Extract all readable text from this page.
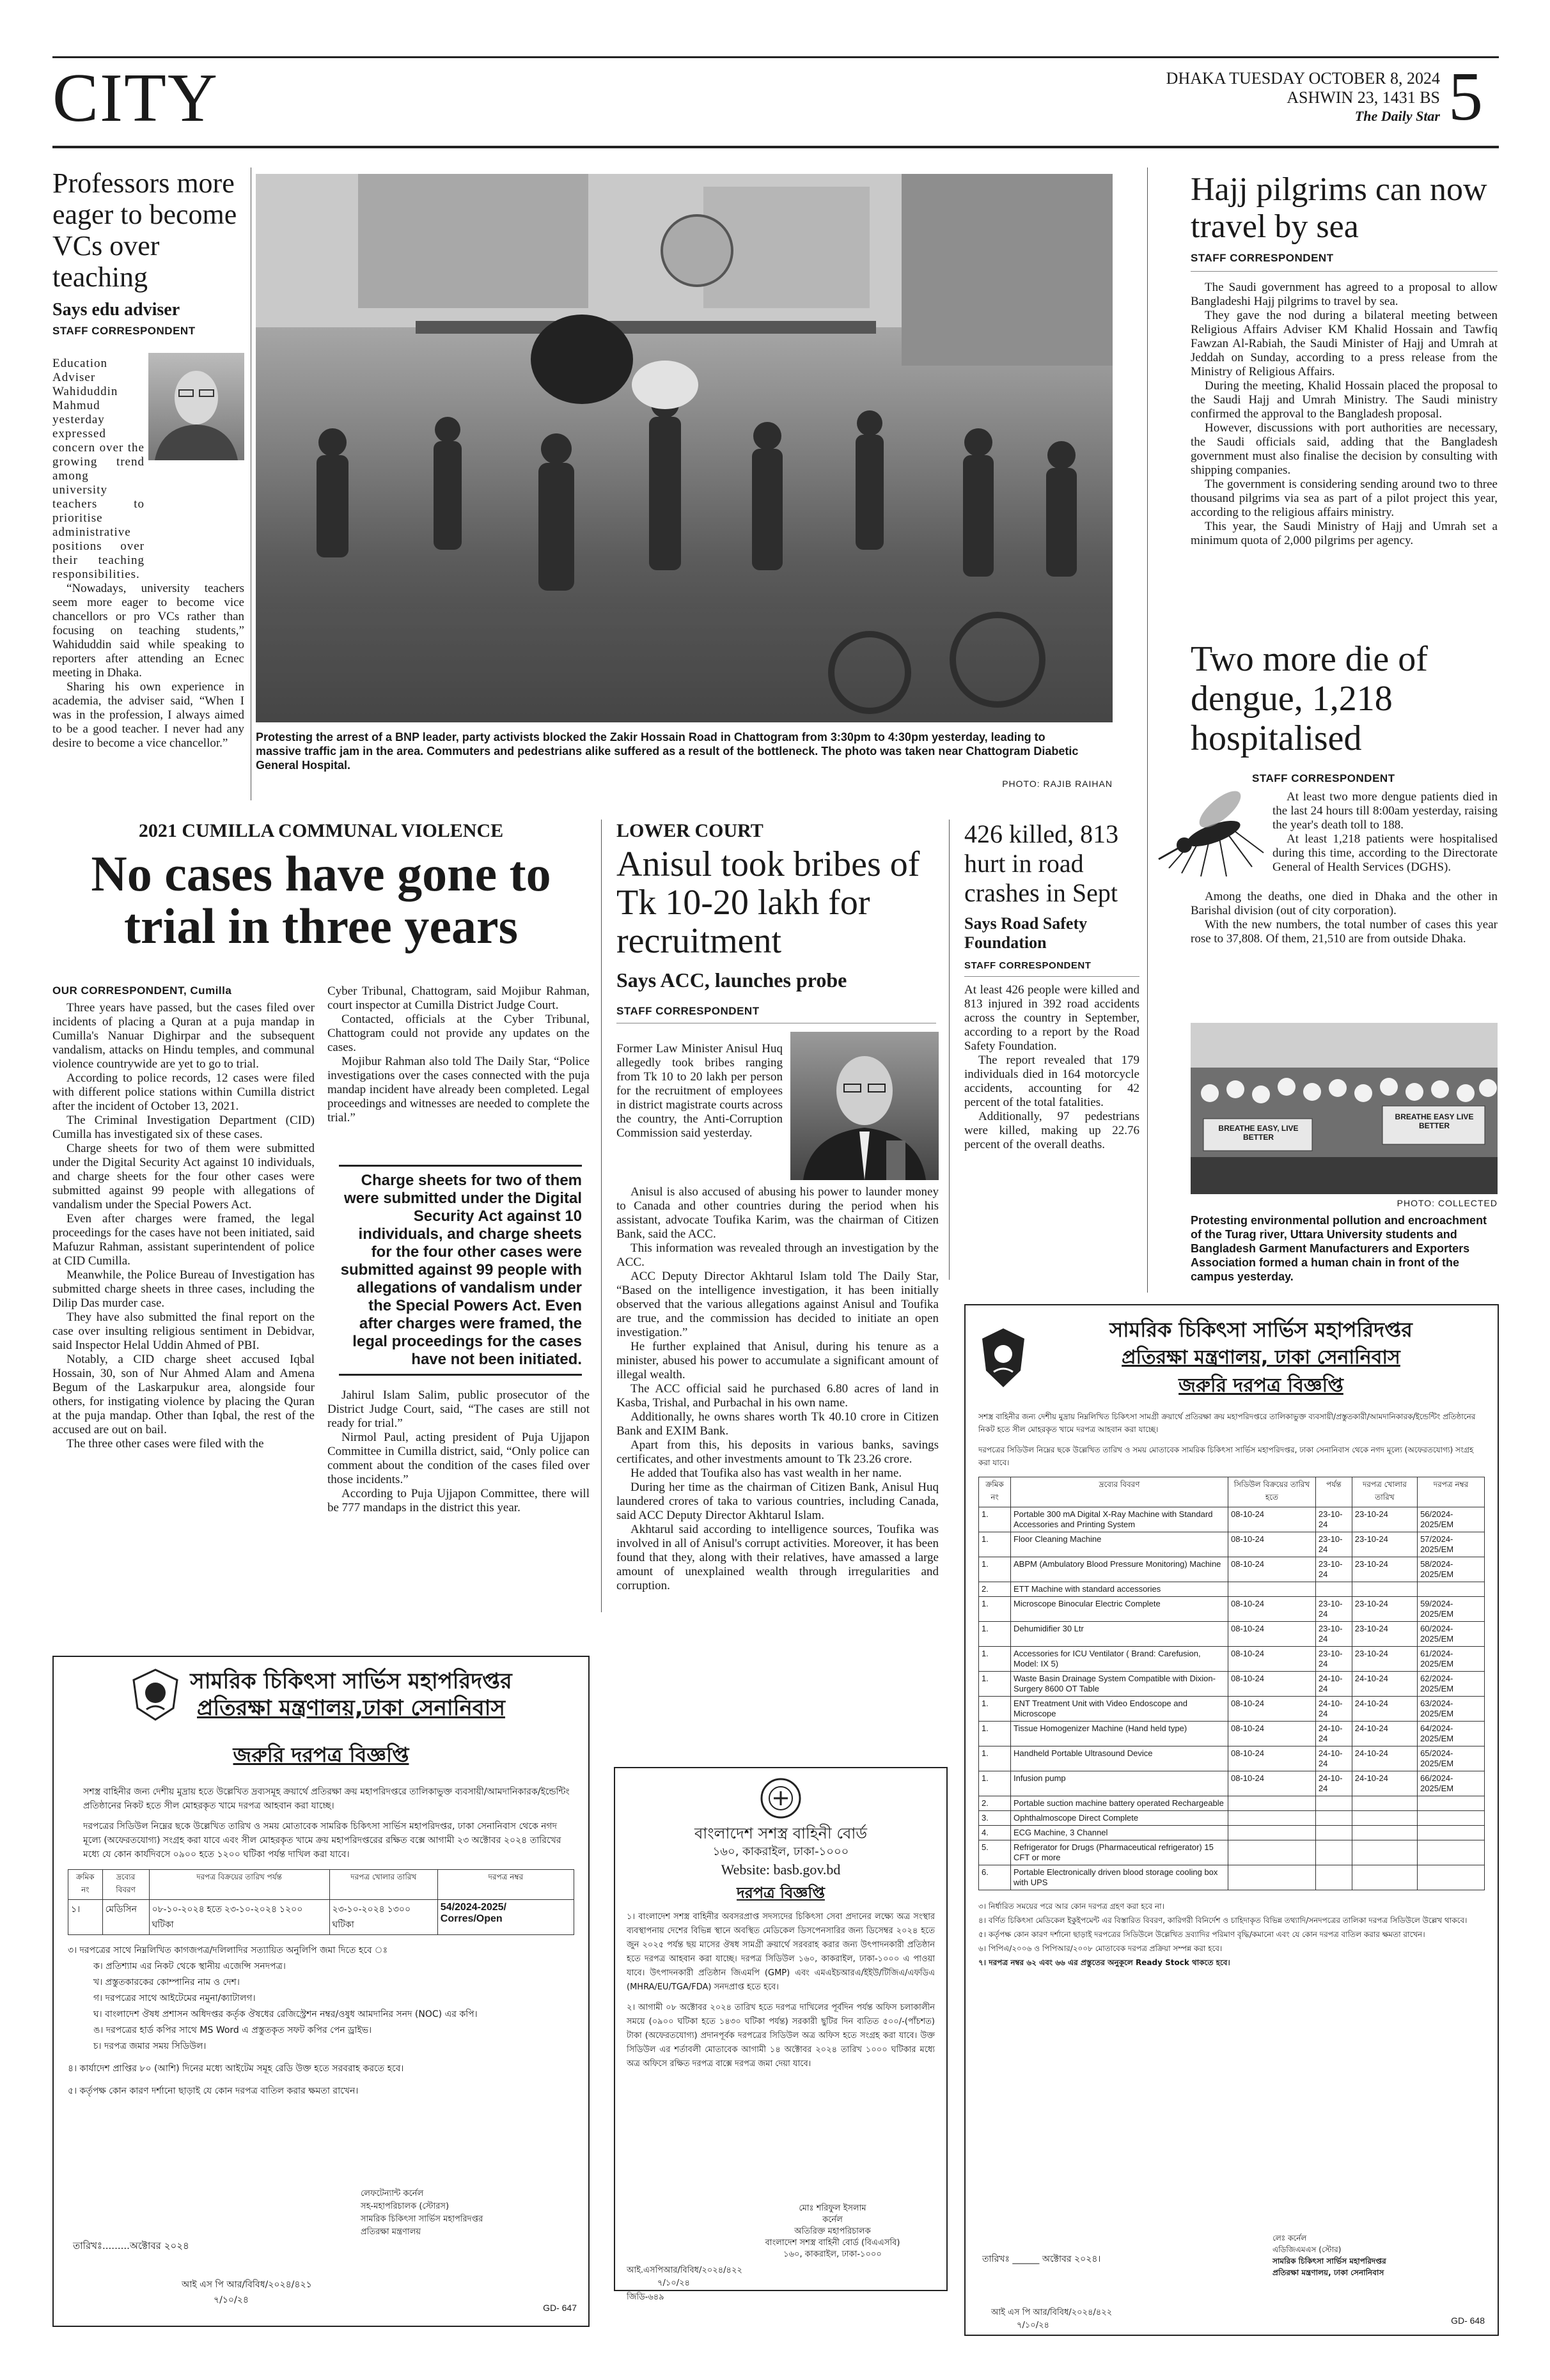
CITY	DHAKA TUESDAY OCTOBER 8, 2024
ASHWIN 23, 1431 BS
The Daily Star 5
Professors more eager to become VCs over teaching
Says edu adviser
STAFF CORRESPONDENT

Education Adviser Wahiduddin Mahmud yesterday expressed concern over the growing trend among university teachers to prioritise administrative positions over their teaching responsibilities.

“Nowadays, university teachers seem more eager to become vice chancellors or pro VCs rather than focusing on teaching students,” Wahiduddin said while speaking to reporters after attending an Ecnec meeting in Dhaka.

Sharing his own experience in academia, the adviser said, “When I was in the profession, I always aimed to be a good teacher. I never had any desire to become a vice chancellor.”	Protesting the arrest of a BNP leader, party activists blocked the Zakir Hossain Road in Chattogram from 3:30pm to 4:30pm yesterday, leading to massive traffic jam in the area. Commuters and pedestrians alike suffered as a result of the bottleneck. The photo was taken near Chattogram Diabetic General Hospital.
PHOTO: RAJIB RAIHAN
Hajj pilgrims can now travel by sea
STAFF CORRESPONDENT

The Saudi government has agreed to a proposal to allow Bangladeshi Hajj pilgrims to travel by sea.

They gave the nod during a bilateral meeting between Religious Affairs Adviser KM Khalid Hossain and Tawfiq Fawzan Al-Rabiah, the Saudi Minister of Hajj and Umrah at Jeddah on Sunday, according to a press release from the Ministry of Religious Affairs.

During the meeting, Khalid Hossain placed the proposal to the Saudi Hajj and Umrah Ministry. The Saudi ministry confirmed the approval to the Bangladesh proposal.

However, discussions with port authorities are necessary, the Saudi officials said, adding that the Bangladesh government must also finalise the decision by consulting with shipping companies.

The government is considering sending around two to three thousand pilgrims via sea as part of a pilot project this year, according to the religious affairs ministry.

This year, the Saudi Ministry of Hajj and Umrah set a minimum quota of 2,000 pilgrims per agency.

Two more die of dengue, 1,218 hospitalised
STAFF CORRESPONDENT

At least two more dengue patients died in the last 24 hours till 8:00am yesterday, raising the year's death toll to 188.

At least 1,218 patients were hospitalised during this time, according to the Directorate General of Health Services (DGHS).

Among the deaths, one died in Dhaka and the other in Barishal division (out of city corporation).

With the new numbers, the total number of cases this year rose to 37,808. Of them, 21,510 are from outside Dhaka.

BREATHE EASY, LIVE BETTER
BREATHE EASY LIVE BETTER
PHOTO: COLLECTED
Protesting environmental pollution and encroachment of the Turag river, Uttara University students and Bangladesh Garment Manufacturers and Exporters Association formed a human chain in front of the campus yesterday.
2021 CUMILLA COMMUNAL VIOLENCE
No cases have gone to trial in three years
OUR CORRESPONDENT, Cumilla

Three years have passed, but the cases filed over incidents of placing a Quran at a puja mandap in Cumilla's Nanuar Dighirpar and the subsequent vandalism, attacks on Hindu temples, and communal violence countrywide are yet to go to trial.

According to police records, 12 cases were filed with different police stations within Cumilla district after the incident of October 13, 2021.

The Criminal Investigation Department (CID) Cumilla has investigated six of these cases.

Charge sheets for two of them were submitted under the Digital Security Act against 10 individuals, and charge sheets for the four other cases were submitted against 99 people with allegations of vandalism under the Special Powers Act.

Even after charges were framed, the legal proceedings for the cases have not been initiated, said Mafuzur Rahman, assistant superintendent of police at CID Cumilla.

Meanwhile, the Police Bureau of Investigation has submitted charge sheets in three cases, including the Dilip Das murder case.

They have also submitted the final report on the case over insulting religious sentiment in Debidvar, said Inspector Helal Uddin Ahmed of PBI.

Notably, a CID charge sheet accused Iqbal Hossain, 30, son of Nur Ahmed Alam and Amena Begum of the Laskarpukur area, alongside four others, for instigating violence by placing the Quran at the puja mandap. Other than Iqbal, the rest of the accused are out on bail.

The three other cases were filed with the

Cyber Tribunal, Chattogram, said Mojibur Rahman, court inspector at Cumilla District Judge Court.

Contacted, officials at the Cyber Tribunal, Chattogram could not provide any updates on the cases.

Mojibur Rahman also told The Daily Star, “Police investigations over the cases connected with the puja mandap incident have already been completed. Legal proceedings and witnesses are needed to complete the trial.”

Charge sheets for two of them were submitted under the Digital Security Act against 10 individuals, and charge sheets for the four other cases were submitted against 99 people with allegations of vandalism under the Special Powers Act. Even after charges were framed, the legal proceedings for the cases have not been initiated.

Jahirul Islam Salim, public prosecutor of the District Judge Court, said, “The cases are still not ready for trial.”

Nirmol Paul, acting president of Puja Ujjapon Committee in Cumilla district, said, “Only police can comment about the condition of the cases filed over those incidents.”

According to Puja Ujjapon Committee, there will be 777 mandaps in the district this year.

LOWER COURT
Anisul took bribes of Tk 10-20 lakh for recruitment
Says ACC, launches probe
STAFF CORRESPONDENT

Former Law Minister Anisul Huq allegedly took bribes ranging from Tk 10 to 20 lakh per person for the recruitment of employees in district magistrate courts across the country, the Anti-Corruption Commission said yesterday.

Anisul is also accused of abusing his power to launder money to Canada and other countries during the period when his assistant, advocate Toufika Karim, was the chairman of Citizen Bank, said the ACC.

This information was revealed through an investigation by the ACC.

ACC Deputy Director Akhtarul Islam told The Daily Star, “Based on the intelligence investigation, it has been initially observed that the various allegations against Anisul and Toufika are true, and the commission has decided to initiate an open investigation.”

He further explained that Anisul, during his tenure as a minister, abused his power to accumulate a significant amount of illegal wealth.

The ACC official said he purchased 6.80 acres of land in Kasba, Trishal, and Purbachal in his own name.

Additionally, he owns shares worth Tk 40.10 crore in Citizen Bank and EXIM Bank.

Apart from this, his deposits in various banks, savings certificates, and other investments amount to Tk 23.26 crore.

He added that Toufika also has vast wealth in her name.

During her time as the chairman of Citizen Bank, Anisul Huq laundered crores of taka to various countries, including Canada, said ACC Deputy Director Akhtarul Islam.

Akhtarul said according to intelligence sources, Toufika was involved in all of Anisul's corrupt activities. Moreover, it has been found that they, along with their relatives, have amassed a large amount of unexplained wealth through irregularities and corruption.

426 killed, 813 hurt in road crashes in Sept
Says Road Safety Foundation
STAFF CORRESPONDENT

At least 426 people were killed and 813 injured in 392 road accidents across the country in September, according to a report by the Road Safety Foundation.

The report revealed that 179 individuals died in 164 motorcycle accidents, accounting for 42 percent of the total fatalities.

Additionally, 97 pedestrians were killed, making up 22.76 percent of the overall deaths.

সামরিক চিকিৎসা সার্ভিস মহাপরিদপ্তর
প্রতিরক্ষা মন্ত্রণালয়,ঢাকা সেনানিবাস
জরুরি দরপত্র বিজ্ঞপ্তি
সশস্ত্র বাহিনীর জন্য দেশীয় মুদ্রায় হতে উল্লেখিত দ্রব্যসমূহ ক্রয়ার্থে প্রতিরক্ষা ক্রয় মহাপরিদপ্তরে তালিকাভুক্ত ব্যবসায়ী/আমদানিকারক/ইন্ডেন্টিং প্রতিষ্ঠানের নিকট হতে সীল মোহরকৃত খামে দরপত্র আহবান করা যাচ্ছে।
দরপত্রের সিডিউল নিম্নের ছকে উল্লেখিত তারিখ ও সময় মোতাবেক সামরিক চিকিৎসা সার্ভিস মহাপরিদপ্তর, ঢাকা সেনানিবাস থেকে নগদ মূল্যে (অফেরতযোগ্য) সংগ্রহ করা যাবে এবং সীল মোহরকৃত খামে ক্রয় মহাপরিদপ্তরের রক্ষিত বক্সে আগামী ২৩ অক্টোবর ২০২৪ তারিখের মধ্যে যে কোন কার্যদিবসে ০৯০০ হতে ১২০০ ঘটিকা পর্যন্ত দাখিল করা যাবে।
ক্রমিক নং	দ্রব্যের বিবরণ	দরপত্র বিক্রয়ের তারিখ পর্যন্ত	দরপত্র খোলার তারিখ	দরপত্র নম্বর
১।	মেডিসিন	০৮-১০-২০২৪ হতে ২৩-১০-২০২৪ ১২০০ ঘটিকা	২৩-১০-২০২৪ ১৩০০ ঘটিকা	54/2024-2025/ Corres/Open
৩। দরপত্রের সাথে নিম্নলিখিত কাগজপত্র/দলিলাদির সত্যায়িত অনুলিপি জমা দিতে হবে ঃ
ক। প্রতিশ্যাম এর নিকট থেকে স্থানীয় এজেন্সি সনদপত্র।
খ। প্রস্তুতকারকের কোম্পানির নাম ও দেশ।
গ। দরপত্রের সাথে আইটেমের নমুনা/ক্যাটালগ।
ঘ। বাংলাদেশ ঔষধ প্রশাসন অধিদপ্তর কর্তৃক ঔষধের রেজিস্ট্রেশন নম্বর/ওষুধ আমদানির সনদ (NOC) এর কপি।
ঙ। দরপত্রের হার্ড কপির সাথে MS Word এ প্রস্তুতকৃত সফট কপির পেন ড্রাইভ।
চ। দরপত্র জমার সময় সিডিউল।
৪। কার্যাদেশ প্রাপ্তির ৮০ (আশি) দিনের মধ্যে আইটেম সমূহ রেডি উক্ত হতে সরবরাহ করতে হবে।
৫। কর্তৃপক্ষ কোন কারণ দর্শানো ছাড়াই যে কোন দরপত্র বাতিল করার ক্ষমতা রাখেন।
লেফটেন্যান্ট কর্নেল
সহ-মহাপরিচালক (স্টোরস)
সামরিক চিকিৎসা সার্ভিস মহাপরিদপ্তর
প্রতিরক্ষা মন্ত্রণালয়
তারিখঃ.........অক্টোবর ২০২৪
আই এস পি আর/বিবিধ/২০২৪/৪২১
৭/১০/২৪
GD- 647
বাংলাদেশ সশস্ত্র বাহিনী বোর্ড
১৬০, কাকরাইল, ঢাকা-১০০০
Website: basb.gov.bd
দরপত্র বিজ্ঞপ্তি
১। বাংলাদেশ সশস্ত্র বাহিনীর অবসরপ্রাপ্ত সদস্যদের চিকিৎসা সেবা প্রদানের লক্ষ্যে অত্র সংস্থার ব্যবস্থাপনায় দেশের বিভিন্ন স্থানে অবস্থিত মেডিকেল ডিসপেনসারির জন্য ডিসেম্বর ২০২৪ হতে জুন ২০২৫ পর্যন্ত ছয় মাসের ঔষধ সামগ্রী ক্রয়ার্থে সরবরাহ করার জন্য উৎপাদনকারী প্রতিষ্ঠান হতে দরপত্র আহবান করা যাচ্ছে। দরপত্র সিডিউল ১৬০, কাকরাইল, ঢাকা-১০০০ এ পাওয়া যাবে। উৎপাদনকারী প্রতিষ্ঠান জিএমপি (GMP) এবং এমএইচআরএ/ইইউ/টিজিএ/এফডিএ (MHRA/EU/TGA/FDA) সনদপ্রাপ্ত হতে হবে।
২। আগামী ০৮ অক্টোবর ২০২৪ তারিখ হতে দরপত্র দাখিলের পূর্বদিন পর্যন্ত অফিস চলাকালীন সময়ে (০৯০০ ঘটিকা হতে ১৪৩০ ঘটিকা পর্যন্ত) সরকারী ছুটির দিন ব্যতিত ৫০০/-(পাঁচশত) টাকা (অফেরতযোগ্য) প্রদানপূর্বক দরপত্রের সিডিউল অত্র অফিস হতে সংগ্রহ করা যাবে। উক্ত সিডিউল এর শর্তাবলী মোতাবেক আগামী ১৪ অক্টোবর ২০২৪ তারিখ ১০০০ ঘটিকার মধ্যে অত্র অফিসে রক্ষিত দরপত্র বাক্সে দরপত্র জমা দেয়া যাবে।
মোঃ শরিফুল ইসলাম
কর্নেল
অতিরিক্ত মহাপরিচালক
বাংলাদেশ সশস্ত্র বাহিনী বোর্ড (বিএএসবি)
১৬০, কাকরাইল, ঢাকা-১০০০
আই.এসপিআর/বিবিধ/২০২৪/৪২২
৭/১০/২৪
জিডি-৬৪৯
সামরিক চিকিৎসা সার্ভিস মহাপরিদপ্তর
প্রতিরক্ষা মন্ত্রণালয়, ঢাকা সেনানিবাস
জরুরি দরপত্র বিজ্ঞপ্তি
সশস্ত্র বাহিনীর জন্য দেশীয় মুদ্রায় নিম্নলিখিত চিকিৎসা সামগ্রী ক্রয়ার্থে প্রতিরক্ষা ক্রয় মহাপরিদপ্তরে তালিকাভুক্ত ব্যবসায়ী/প্রস্তুতকারী/আমদানিকারক/ইন্ডেন্টিং প্রতিষ্ঠানের নিকট হতে সীল মোহরকৃত খামে দরপত্র আহবান করা যাচ্ছে।
দরপত্রের সিডিউল নিম্নের ছকে উল্লেখিত তারিখ ও সময় মোতাবেক সামরিক চিকিৎসা সার্ভিস মহাপরিদপ্তর, ঢাকা সেনানিবাস থেকে নগদ মূল্যে (অফেরতযোগ্য) সংগ্রহ করা যাবে।
ক্রমিক নং	দ্রব্যের বিবরণ	সিডিউল বিক্রয়ের তারিখ হতে	পর্যন্ত	দরপত্র খোলার তারিখ	দরপত্র নম্বর
1.	Portable 300 mA Digital X-Ray Machine with Standard Accessories and Printing System	08-10-24	23-10-24	23-10-24	56/2024-2025/EM
1.	Floor Cleaning Machine	08-10-24	23-10-24	23-10-24	57/2024-2025/EM
1.	ABPM (Ambulatory Blood Pressure Monitoring) Machine	08-10-24	23-10-24	23-10-24	58/2024-2025/EM
2.	ETT Machine with standard accessories				
1.	Microscope Binocular Electric Complete	08-10-24	23-10-24	23-10-24	59/2024-2025/EM
1.	Dehumidifier 30 Ltr	08-10-24	23-10-24	23-10-24	60/2024-2025/EM
1.	Accessories for ICU Ventilator ( Brand: Carefusion, Model: IX 5)	08-10-24	23-10-24	23-10-24	61/2024-2025/EM
1.	Waste Basin Drainage System Compatible with Dixion- Surgery 8600 OT Table	08-10-24	24-10-24	24-10-24	62/2024-2025/EM
1.	ENT Treatment Unit with Video Endoscope and Microscope	08-10-24	24-10-24	24-10-24	63/2024-2025/EM
1.	Tissue Homogenizer Machine (Hand held type)	08-10-24	24-10-24	24-10-24	64/2024-2025/EM
1.	Handheld Portable Ultrasound Device	08-10-24	24-10-24	24-10-24	65/2024-2025/EM
1.	Infusion pump	08-10-24	24-10-24	24-10-24	66/2024-2025/EM
2.	Portable suction machine battery operated Rechargeable				
3.	Ophthalmoscope Direct Complete				
4.	ECG Machine, 3 Channel				
5.	Refrigerator for Drugs (Pharmaceutical refrigerator) 15 CFT or more				
6.	Portable Electronically driven blood storage cooling box with UPS				
৩। নির্ধারিত সময়ের পরে আর কোন দরপত্র গ্রহণ করা হবে না।
৪। বর্ণিত চিকিৎসা মেডিকেল ইকুইপমেন্ট এর বিস্তারিত বিবরণ, কারিগরী বিনির্দেশ ও চাহিদাকৃত বিভিন্ন তথ্যাদি/সনদপত্রের তালিকা দরপত্র সিডিউলে উল্লেখ থাকবে।
৫। কর্তৃপক্ষ কোন কারণ দর্শানো ছাড়াই দরপত্রের সিডিউলে উল্লেখিত দ্রব্যাদির পরিমাণ বৃদ্ধি/কমানো এবং যে কোন দরপত্র বাতিল করার ক্ষমতা রাখেন।
৬। পিপিএ/২০০৬ ও পিপিআর/২০০৮ মোতাবেক দরপত্র প্রক্রিয়া সম্পন্ন করা হবে।
৭। দরপত্র নম্বর ৬২ এবং ৬৬ এর প্রস্তুতের অনুকূলে Ready Stock থাকতে হবে।
তারিখঃ ______ অক্টোবর ২০২৪।
লেঃ কর্নেল
এডিজিএমএস (স্টোর)
সামরিক চিকিৎসা সার্ভিস মহাপরিদপ্তর
প্রতিরক্ষা মন্ত্রণালয়, ঢাকা সেনানিবাস
আই এস পি আর/বিবিধ/২০২৪/৪২২
৭/১০/২৪	GD- 648
